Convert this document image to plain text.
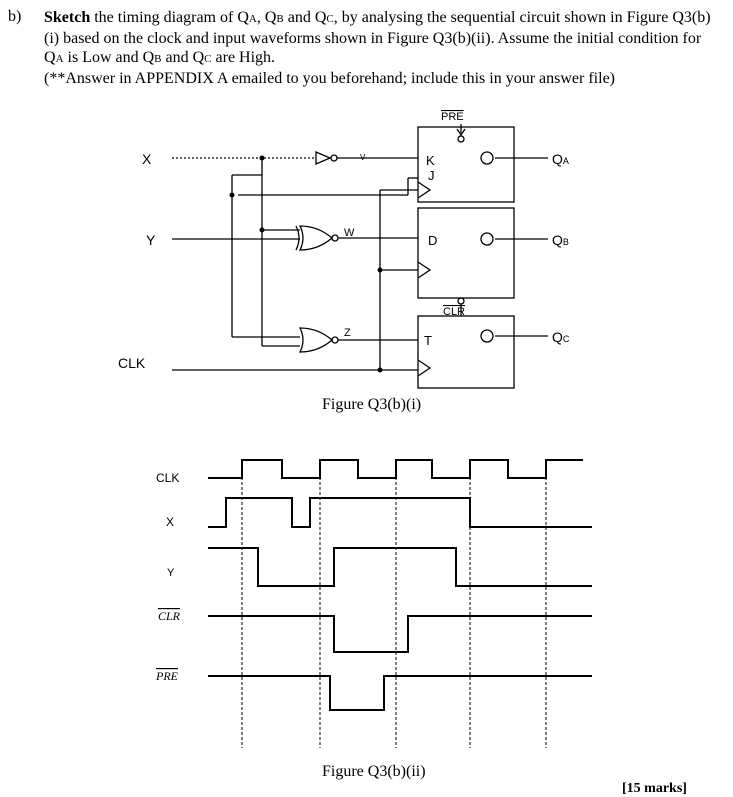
b) Sketch the timing diagram of QA, QB and QC, by analysing the sequential circuit shown in Figure Q3(b)(i) based on the clock and input waveforms shown in Figure Q3(b)(ii). Assume the initial condition for QA is Low and QB and QC are High.

(**Answer in APPENDIX A emailed to you beforehand; include this in your answer file)

X
Y
CLK
V
W
Z
K
J
D
T
PRE
CLR
QA
QB
QC
CLK
X
Y
CLR
PRE
Figure Q3(b)(i)
Figure Q3(b)(ii)
[15 marks]
